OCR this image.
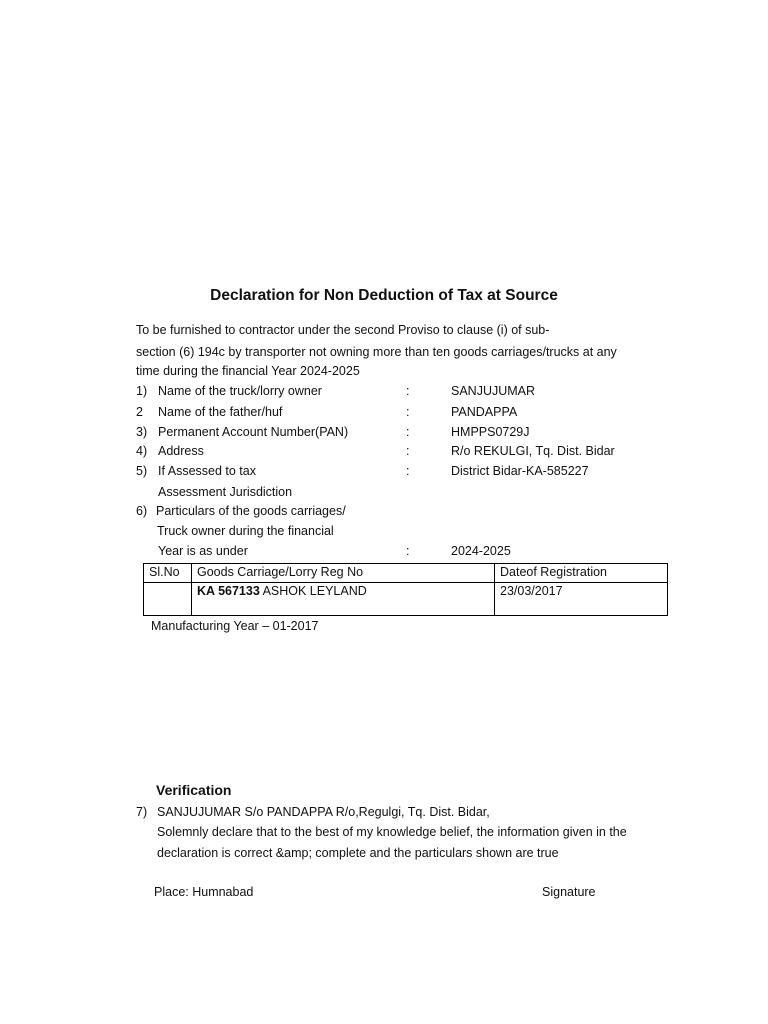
Declaration for Non Deduction of Tax at Source
To be furnished to contractor under the second Proviso to clause (i) of sub-
section (6) 194c by transporter not owning more than ten goods carriages/trucks at any
time during the financial Year 2024-2025
1) Name of the truck/lorry owner	:	SANJUJUMAR
2 Name of the father/huf	:	PANDAPPA
3) Permanent Account Number(PAN)	:	HMPPS0729J
4) Address	:	R/o REKULGI, Tq. Dist. Bidar
5) If Assessed to tax	:	District Bidar-KA-585227
Assessment Jurisdiction
6) Particulars of the goods carriages/
Truck owner during the financial
Year is as under	:	2024-2025
Sl.No	Goods Carriage/Lorry Reg No	Dateof Registration
	KA 567133 ASHOK LEYLAND	23/03/2017
Manufacturing Year – 01-2017
Verification
7) SANJUJUMAR S/o PANDAPPA R/o,Regulgi, Tq. Dist. Bidar,
Solemnly declare that to the best of my knowledge belief, the information given in the
declaration is correct &amp; complete and the particulars shown are true
Place: Humnabad	Signature
